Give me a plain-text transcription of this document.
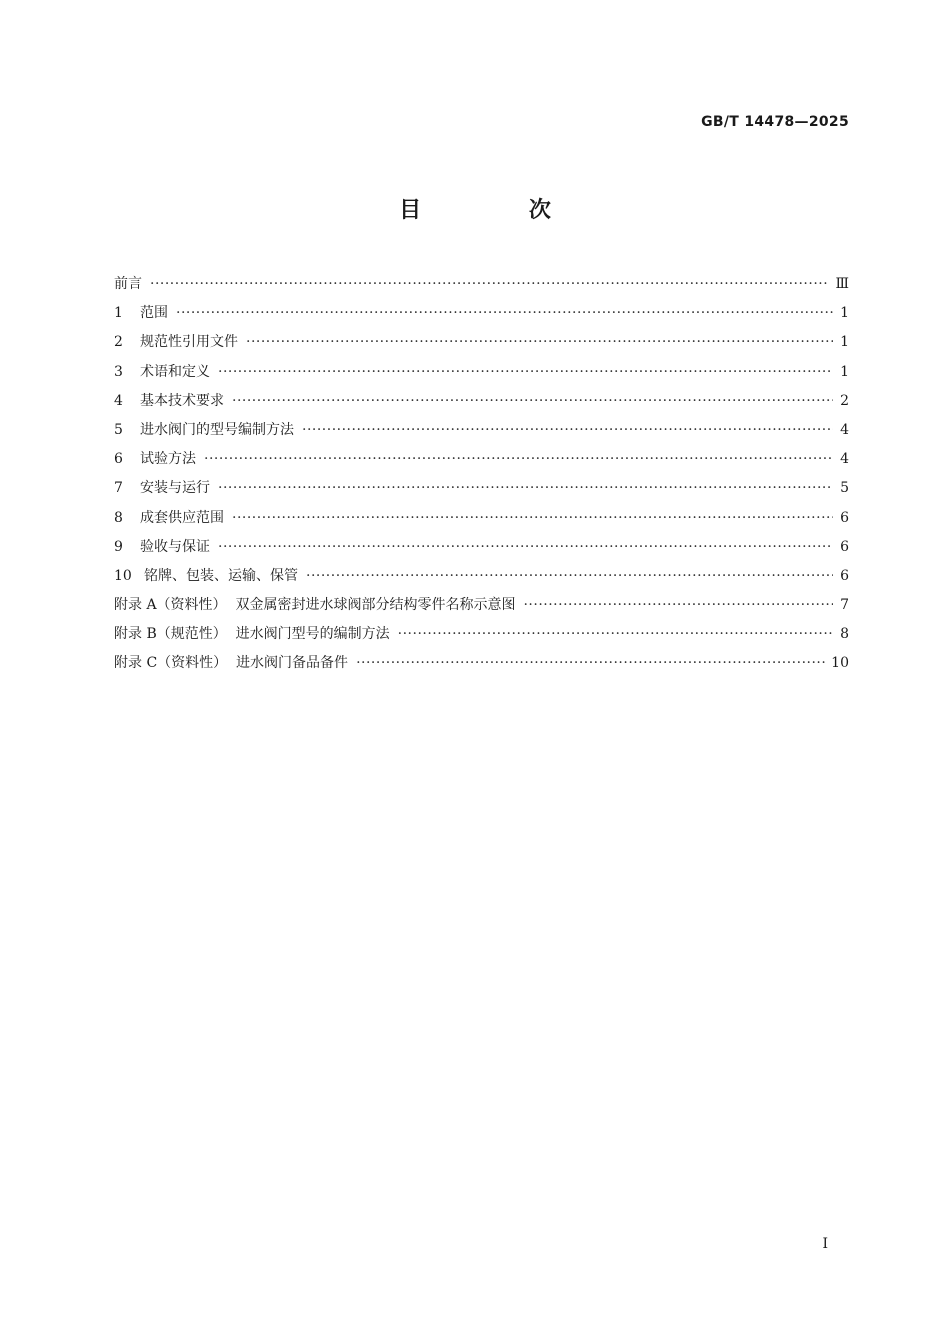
GB/T 14478—2025
目 次
前言 ·····	Ⅲ
1 范围 ·····	1
2 规范性引用文件 ·····	1
3 术语和定义 ·····	1
4 基本技术要求 ·····	2
5 进水阀门的型号编制方法 ·····	4
6 试验方法 ·····	4
7 安装与运行 ·····	5
8 成套供应范围 ·····	6
9 验收与保证 ·····	6
10 铭牌、包装、运输、保管 ·····	6
附录 A（资料性）  双金属密封进水球阀部分结构零件名称示意图 ·····	7
附录 B（规范性）  进水阀门型号的编制方法 ·····	8
附录 C（资料性）  进水阀门备品备件 ·····	10
I
